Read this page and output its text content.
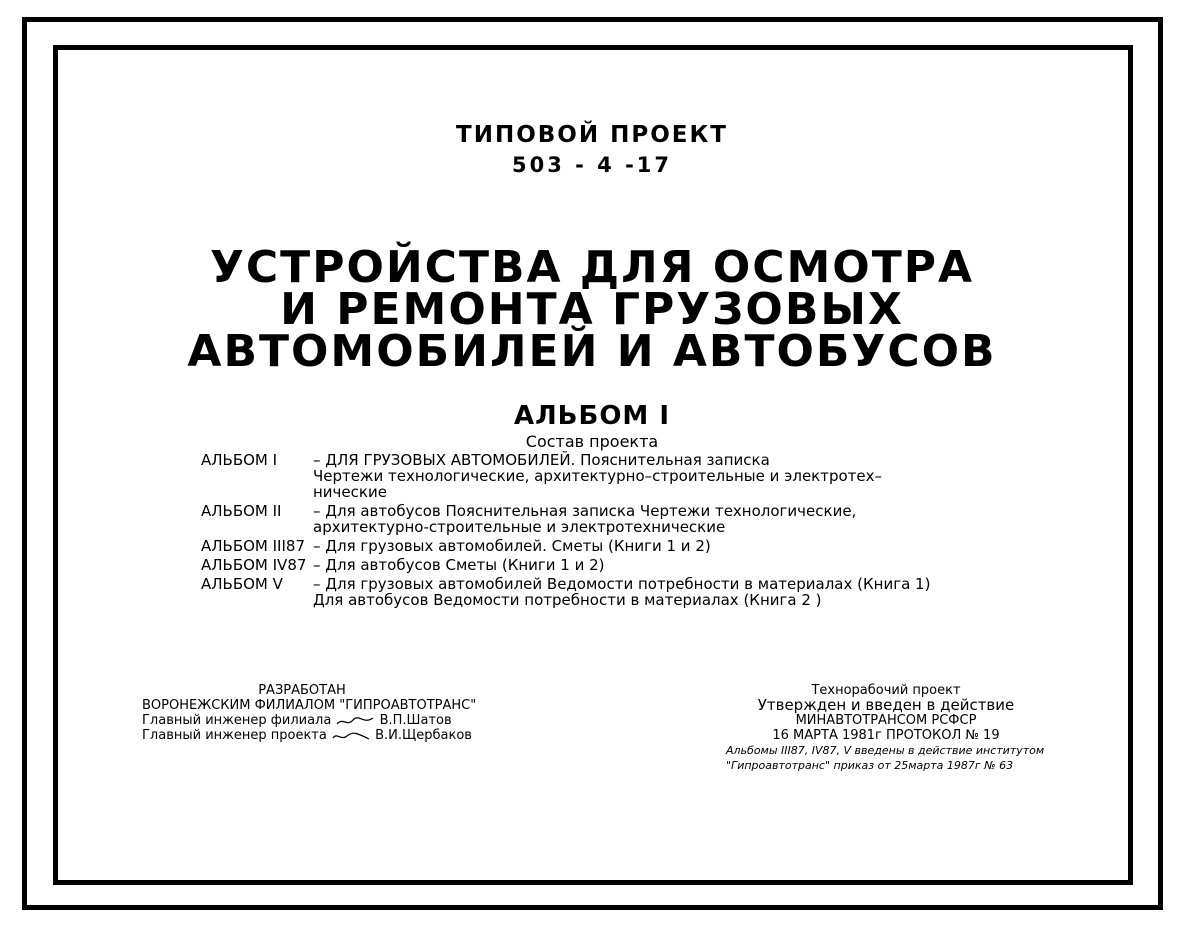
ТИПОВОЙ ПРОЕКТ
503 - 4 -17
УСТРОЙСТВА ДЛЯ ОСМОТРА
И РЕМОНТА ГРУЗОВЫХ
АВТОМОБИЛЕЙ И АВТОБУСОВ
АЛЬБОМ I
Состав проекта
АЛЬБОМ I	– ДЛЯ ГРУЗОВЫХ АВТОМОБИЛЕЙ. Пояснительная записка
Чертежи технологические, архитектурно–строительные и электротех–
нические
АЛЬБОМ II	– Для автобусов Пояснительная записка Чертежи технологические,
архитектурно-строительные и электротехнические
АЛЬБОМ III87 – Для грузовых автомобилей. Сметы (Книги 1 и 2)
АЛЬБОМ IV87 – Для автобусов Сметы (Книги 1 и 2)
АЛЬБОМ V	– Для грузовых автомобилей Ведомости потребности в материалах (Книга 1)
Для автобусов Ведомости потребности в материалах (Книга 2 )
РАЗРАБОТАН
ВОРОНЕЖСКИМ ФИЛИАЛОМ "ГИПРОАВТОТРАНС"
Главный инженер филиала	В.П.Шатов
Главный инженер проекта	В.И.Щербаков
Технорабочий проект
Утвержден и введен в действие
МИНАВТОТРАНСОМ РСФСР
16 МАРТА 1981г ПРОТОКОЛ № 19
Альбомы III87, IV87, V введены в действие институтом
"Гипроавтотранс" приказ от 25марта 1987г № 63
